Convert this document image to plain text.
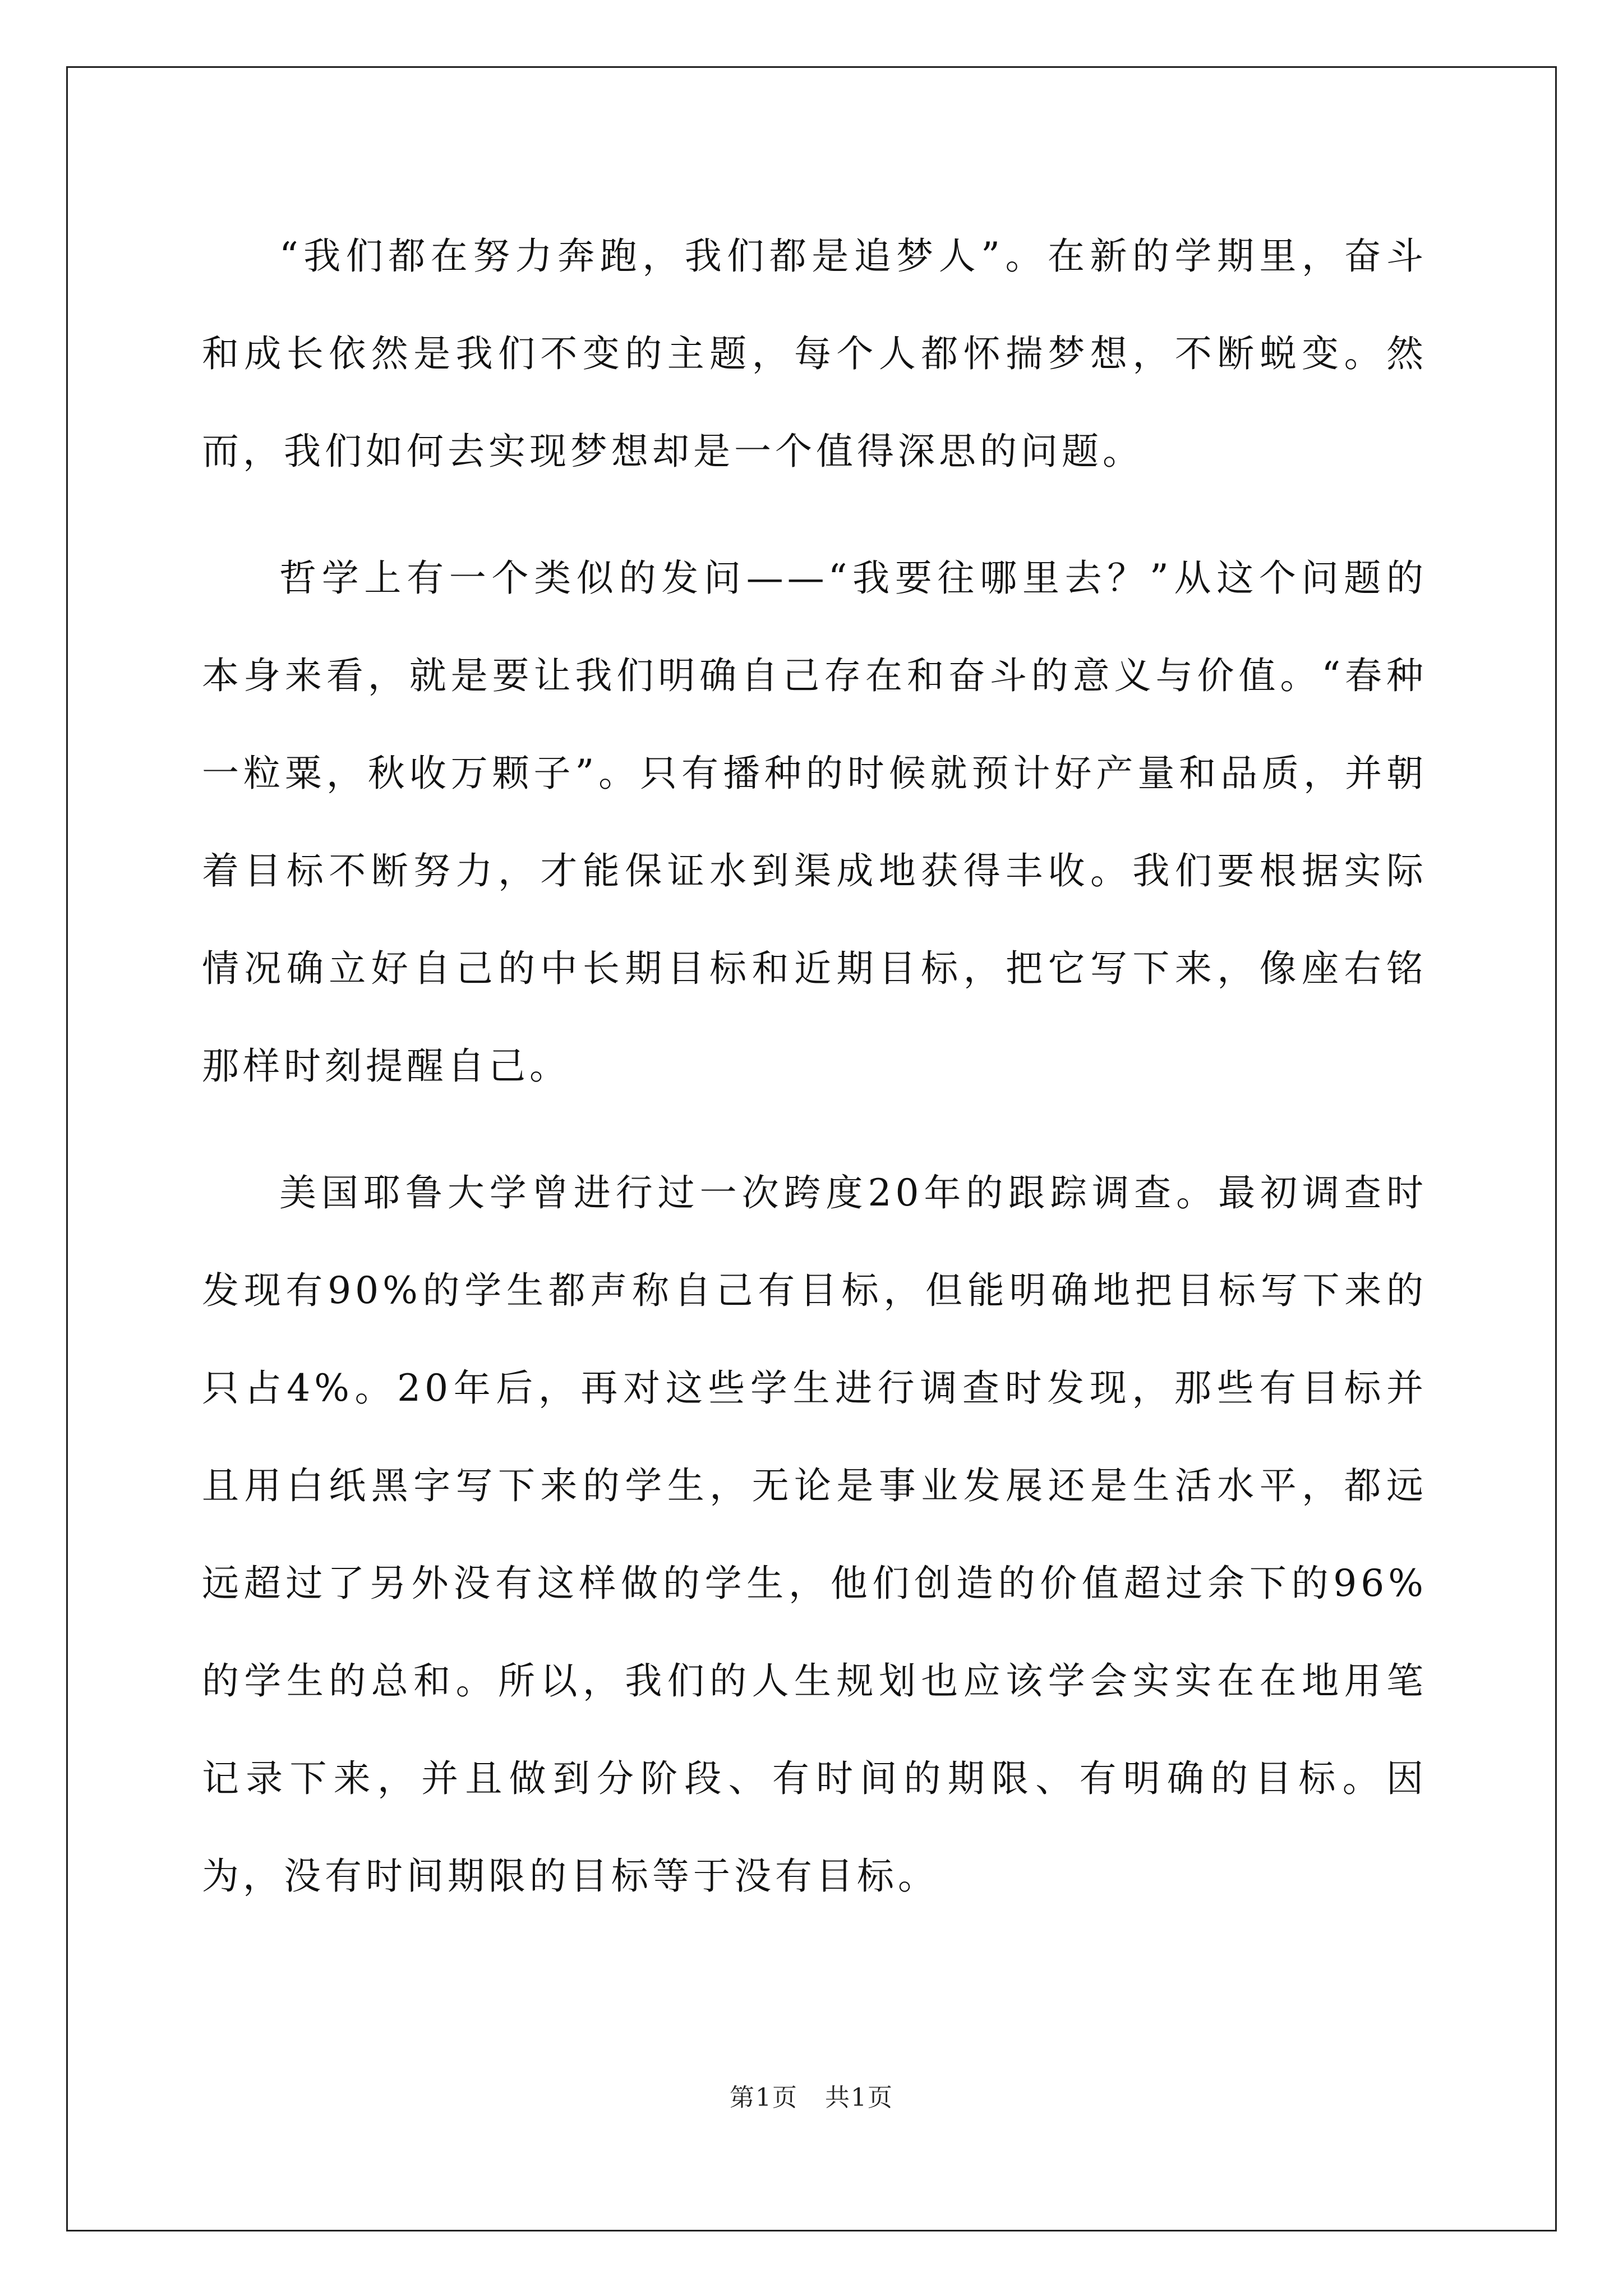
“我们都在努力奔跑，我们都是追梦人”。在新的学期里，奋斗和成长依然是我们不变的主题，每个人都怀揣梦想，不断蜕变。然而，我们如何去实现梦想却是一个值得深思的问题。

哲学上有一个类似的发问——“我要往哪里去？”从这个问题的本身来看，就是要让我们明确自己存在和奋斗的意义与价值。“春种一粒粟，秋收万颗子”。只有播种的时候就预计好产量和品质，并朝着目标不断努力，才能保证水到渠成地获得丰收。我们要根据实际情况确立好自己的中长期目标和近期目标，把它写下来，像座右铭那样时刻提醒自己。

美国耶鲁大学曾进行过一次跨度20年的跟踪调查。最初调查时发现有90%的学生都声称自己有目标，但能明确地把目标写下来的只占4%。20年后，再对这些学生进行调查时发现，那些有目标并且用白纸黑字写下来的学生，无论是事业发展还是生活水平，都远远超过了另外没有这样做的学生，他们创造的价值超过余下的96%的学生的总和。所以，我们的人生规划也应该学会实实在在地用笔记录下来，并且做到分阶段、有时间的期限、有明确的目标。因为，没有时间期限的目标等于没有目标。

第1页 共1页
